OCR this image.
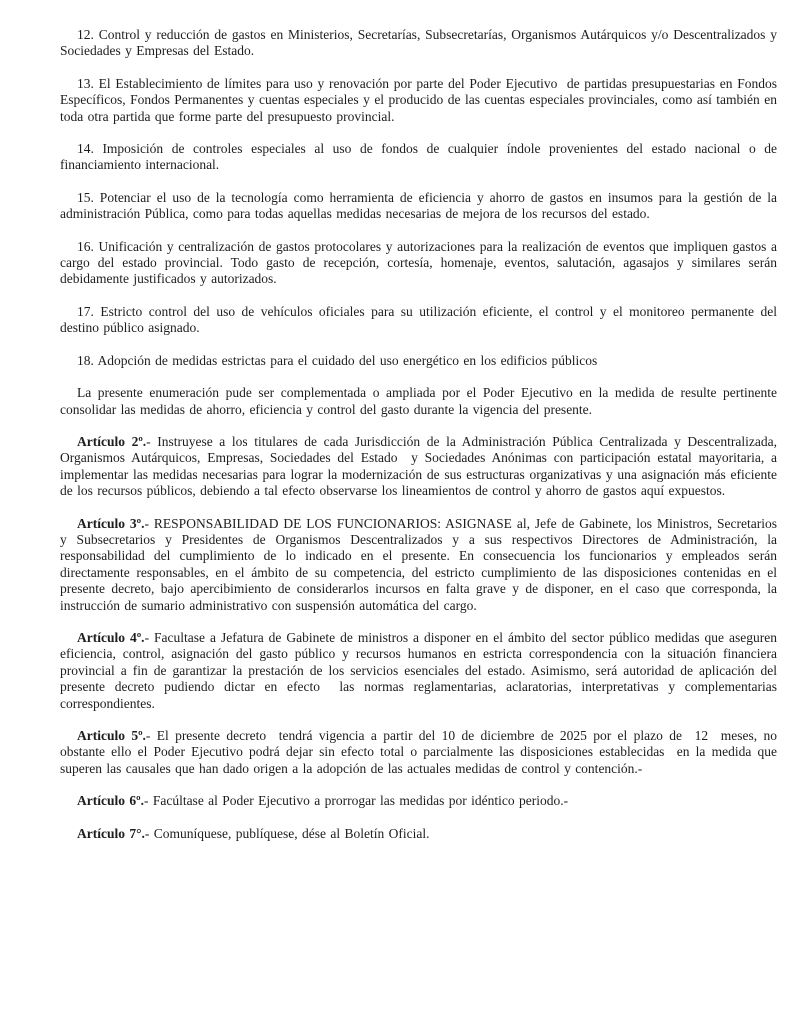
12. Control y reducción de gastos en Ministerios, Secretarías, Subsecretarías, Organismos Autárquicos y/o Descentralizados y Sociedades y Empresas del Estado.

13. El Establecimiento de límites para uso y renovación por parte del Poder Ejecutivo  de partidas presupuestarias en Fondos Específicos, Fondos Permanentes y cuentas especiales y el producido de las cuentas especiales provinciales, como así también en toda otra partida que forme parte del presupuesto provincial.

14. Imposición de controles especiales al uso de fondos de cualquier índole provenientes del estado nacional o de financiamiento internacional.

15. Potenciar el uso de la tecnología como herramienta de eficiencia y ahorro de gastos en insumos para la gestión de la administración Pública, como para todas aquellas medidas necesarias de mejora de los recursos del estado.

16. Unificación y centralización de gastos protocolares y autorizaciones para la realización de eventos que impliquen gastos a cargo del estado provincial. Todo gasto de recepción, cortesía, homenaje, eventos, salutación, agasajos y similares serán debidamente justificados y autorizados.

17. Estricto control del uso de vehículos oficiales para su utilización eficiente, el control y el monitoreo permanente del destino público asignado.

18. Adopción de medidas estrictas para el cuidado del uso energético en los edificios públicos

La presente enumeración pude ser complementada o ampliada por el Poder Ejecutivo en la medida de resulte pertinente consolidar las medidas de ahorro, eficiencia y control del gasto durante la vigencia del presente.

Artículo 2º.- Instruyese a los titulares de cada Jurisdicción de la Administración Pública Centralizada y Descentralizada, Organismos Autárquicos, Empresas, Sociedades del Estado  y Sociedades Anónimas con participación estatal mayoritaria, a implementar las medidas necesarias para lograr la modernización de sus estructuras organizativas y una asignación más eficiente de los recursos públicos, debiendo a tal efecto observarse los lineamientos de control y ahorro de gastos aquí expuestos.

Artículo 3º.- RESPONSABILIDAD DE LOS FUNCIONARIOS: ASIGNASE al, Jefe de Gabinete, los Ministros, Secretarios y Subsecretarios y Presidentes de Organismos Descentralizados y a sus respectivos Directores de Administración, la responsabilidad del cumplimiento de lo indicado en el presente. En consecuencia los funcionarios y empleados serán directamente responsables, en el ámbito de su competencia, del estricto cumplimiento de las disposiciones contenidas en el presente decreto, bajo apercibimiento de considerarlos incursos en falta grave y de disponer, en el caso que corresponda, la instrucción de sumario administrativo con suspensión automática del cargo.

Artículo 4º.- Facultase a Jefatura de Gabinete de ministros a disponer en el ámbito del sector público medidas que aseguren eficiencia, control, asignación del gasto público y recursos humanos en estricta correspondencia con la situación financiera provincial a fin de garantizar la prestación de los servicios esenciales del estado. Asimismo, será autoridad de aplicación del presente decreto pudiendo dictar en efecto  las normas reglamentarias, aclaratorias, interpretativas y complementarias correspondientes.

Articulo 5º.- El presente decreto  tendrá vigencia a partir del 10 de diciembre de 2025 por el plazo de  12  meses, no obstante ello el Poder Ejecutivo podrá dejar sin efecto total o parcialmente las disposiciones establecidas  en la medida que superen las causales que han dado origen a la adopción de las actuales medidas de control y contención.-

Artículo 6º.- Facúltase al Poder Ejecutivo a prorrogar las medidas por idéntico periodo.-

Artículo 7°.- Comuníquese, publíquese, dése al Boletín Oficial.
